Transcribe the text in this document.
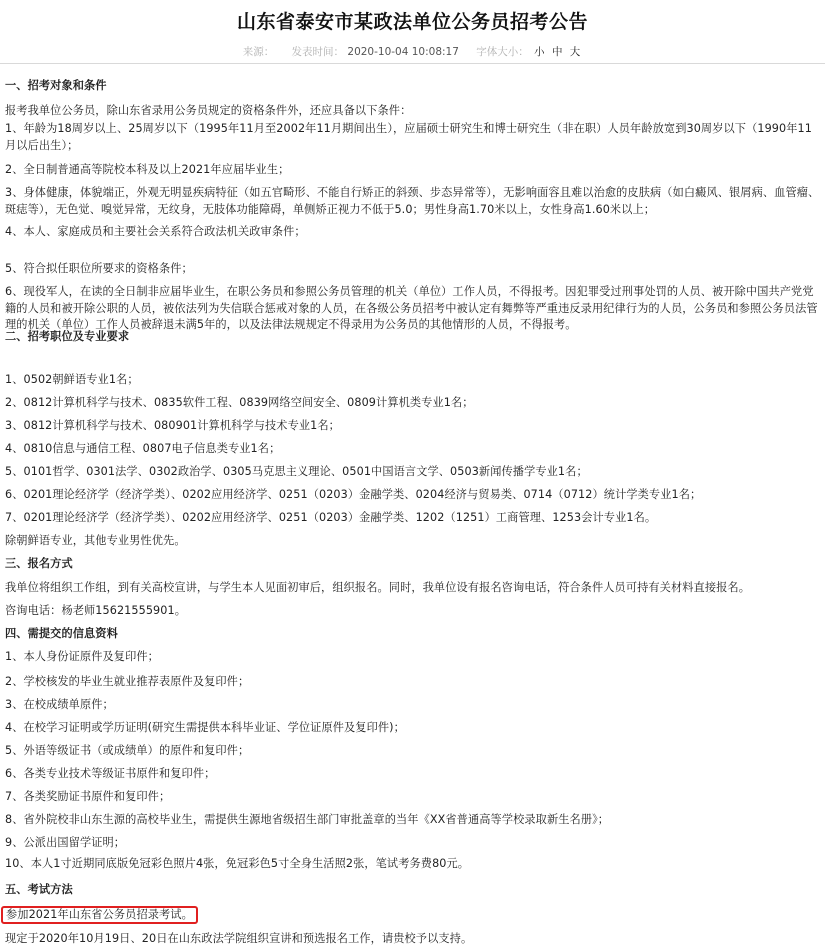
山东省泰安市某政法单位公务员招考公告
来源： 发表时间： 2020-10-04 10:08:17 字体大小： 小 中 大

一、招考对象和条件

报考我单位公务员，除山东省录用公务员规定的资格条件外，还应具备以下条件：

1、年龄为18周岁以上、25周岁以下（1995年11月至2002年11月期间出生），应届硕士研究生和博士研究生（非在职）人员年龄放宽到30周岁以下（1990年11月以后出生）；

2、全日制普通高等院校本科及以上2021年应届毕业生；

3、身体健康，体貌端正，外观无明显疾病特征（如五官畸形、不能自行矫正的斜颈、步态异常等），无影响面容且难以治愈的皮肤病（如白癜风、银屑病、血管瘤、斑痣等），无色觉、嗅觉异常，无纹身，无肢体功能障碍，单侧矫正视力不低于5.0；男性身高1.70米以上，女性身高1.60米以上；

4、本人、家庭成员和主要社会关系符合政法机关政审条件；

5、符合拟任职位所要求的资格条件；

6、现役军人，在读的全日制非应届毕业生，在职公务员和参照公务员管理的机关（单位）工作人员，不得报考。因犯罪受过刑事处罚的人员、被开除中国共产党党籍的人员和被开除公职的人员，被依法列为失信联合惩戒对象的人员，在各级公务员招考中被认定有舞弊等严重违反录用纪律行为的人员，公务员和参照公务员法管理的机关（单位）工作人员被辞退未满5年的，以及法律法规规定不得录用为公务员的其他情形的人员，不得报考。

二、招考职位及专业要求

1、0502朝鲜语专业1名；

2、0812计算机科学与技术、0835软件工程、0839网络空间安全、0809计算机类专业1名；

3、0812计算机科学与技术、080901计算机科学与技术专业1名；

4、0810信息与通信工程、0807电子信息类专业1名；

5、0101哲学、0301法学、0302政治学、0305马克思主义理论、0501中国语言文学、0503新闻传播学专业1名；

6、0201理论经济学（经济学类）、0202应用经济学、0251（0203）金融学类、0204经济与贸易类、0714（0712）统计学类专业1名；

7、0201理论经济学（经济学类）、0202应用经济学、0251（0203）金融学类、1202（1251）工商管理、1253会计专业1名。

除朝鲜语专业，其他专业男性优先。

三、报名方式

我单位将组织工作组，到有关高校宣讲，与学生本人见面初审后，组织报名。同时，我单位设有报名咨询电话，符合条件人员可持有关材料直接报名。

咨询电话：杨老师15621555901。

四、需提交的信息资料

1、本人身份证原件及复印件；

2、学校核发的毕业生就业推荐表原件及复印件；

3、在校成绩单原件；

4、在校学习证明或学历证明(研究生需提供本科毕业证、学位证原件及复印件)；

5、外语等级证书（或成绩单）的原件和复印件；

6、各类专业技术等级证书原件和复印件；

7、各类奖励证书原件和复印件；

8、省外院校非山东生源的高校毕业生，需提供生源地省级招生部门审批盖章的当年《XX省普通高等学校录取新生名册》；

9、公派出国留学证明；

10、本人1寸近期同底版免冠彩色照片4张，免冠彩色5寸全身生活照2张，笔试考务费80元。

五、考试方法

参加2021年山东省公务员招录考试。

现定于2020年10月19日、20日在山东政法学院组织宣讲和预选报名工作，请贵校予以支持。
